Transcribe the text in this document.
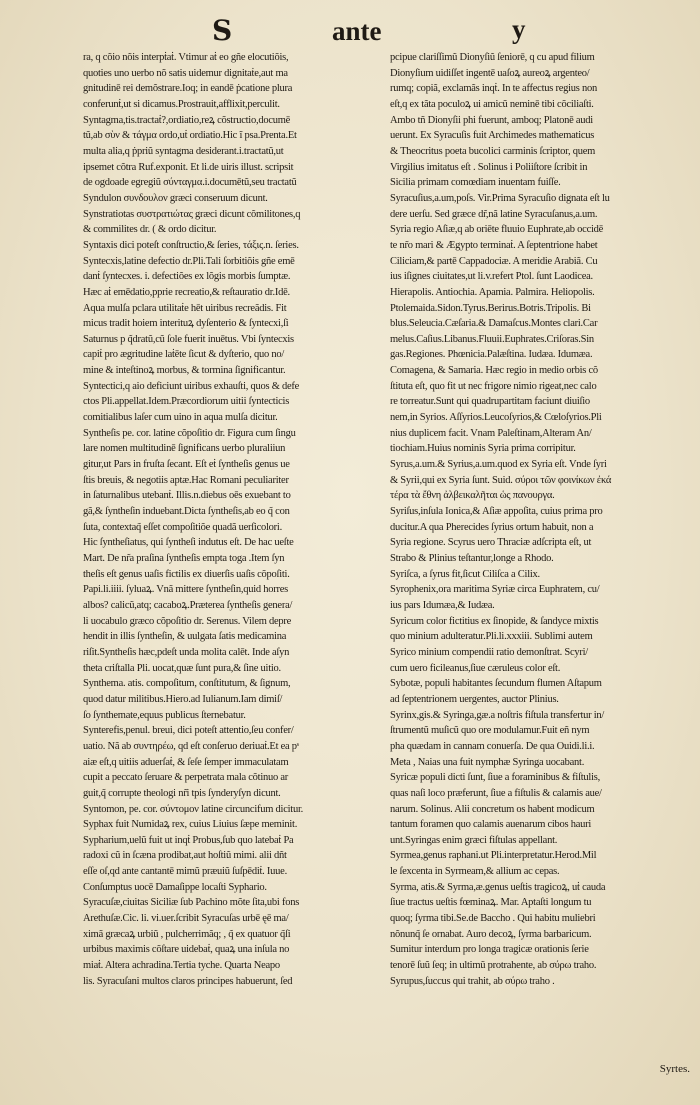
S	ante	y
ra, q cõio nõis interpṫaṫ. Vtimur aṫ eo gñe elocutiõis,
quoties uno uerbo nõ satis uidemur dignitaṫe,aut ma
gnitudinē rei demõstrare.Ioq; in eandē ṗcatione plura
conferunṫ,ut si dicamus.Prostrauit,afflixit,perculit.
Syntagma,tis.tractaṫ?,ordiatio,reꝝ cõstructio,documē
tũ,ab σὺν & τάγμα ordo,uṫ ordiatio.Hic ĩ psa.Prenta.Et
multa alia,q ṗpriũ syntagma desiderant.i.tractatũ,ut
ipsemet cõtra Ruf.exponit. Et li.de uiris illust. scripsit
de ogdoade egregiũ σύνταγμα.i.documētũ,seu tractatũ
Syndulon συνδουλον græci conseruum dicunt.
Synstratiotas συστρατιώτας græci dicunt cõmilitones,q
& commilites dr. ( & ordo dicitur.
Syntaxis dici poteſt conſtructio,& ſeries, τάξις.n. ſeries.
Syntecxis,latine defectio dr.Pli.Tali ſorbitiõis gñe emē
danṫ ſyntecxes. i. defectiões ex lõgis morbis ſumptæ.
Hæc aṫ emēdatio,pprie recreatio,& reſtauratio dr.Idē.
Aqua mulſa pclara utilitaṫe hēt uiribus recreãdis. Fit
micus tradit hoiem interituꝝ dyſenterio & ſyntecxi,ſi
Saturnus p q̃dratũ,cũ ſole fuerit inuētus. Vbi ſyntecxis
capiṫ pro ægritudine laṫēte ſicut & dyſterio, quo no/
mine & inteſtinoꝝ morbus, & tormina ſignificantur.
Syntectici,q aio deficiunt uiribus exhauſti, quos & defe
ctos Pli.appellat.Idem.Præcordiorum uitii ſyntecticis
comitialibus laſer cum uino in aqua mulſa dicitur.
Syntheſis pe. cor. latine cõpoſitio dr. Figura cum ſingu
lare nomen multitudinē ſignificans uerbo pluraliiun
gitur,ut Pars in fruſta ſecant. Eſt eṫ ſyntheſis genus ue
ſtis breuis, & negotiis aptæ.Hac Romani peculiariter
in ſaturnalibus utebanṫ. Illis.n.diebus oēs exuebant to
gã,& ſyntheſin induebant.Dicta ſyntheſis,ab eo q̃ con
ſuta, contextaq̃ eſſet compoſitiõe quadã uerſicolori.
Hic ſyntheſiatus, qui ſyntheſi indutus eſt. De hac ueſte
Mart. De nr̃a praſina ſyntheſis empta toga .Item ſyn
theſis eſt genus uaſis fictilis ex diuerſis uaſis cõpoſiti.
Papi.li.iiii. ſyluaꝝ. Vnã mittere ſyntheſin,quid horres
albos? calicũ,atq; cacaboꝝ.Præterea ſyntheſis genera/
li uocabulo græco cõpoſitio dr. Serenus. Vilem depre
hendit in illis ſyntheſin, & uulgata ſatis medicamina
riſit.Syntheſis hæc,pdeſt unda molita calēt. Inde aſyn
theta criſtalla Pli. uocat,quæ ſunt pura,& ſine uitio.
Synthema. atis. compoſitum, conſtitutum, & ſignum,
quod datur militibus.Hiero.ad Iulianum.Iam dimiſ/
ſo ſynthemate,equus publicus ſternebatur.
Synterefis,penul. breui, dici poteſt attentio,ſeu confer/
uatio. Nã ab συντηρέω, qd eſt conſeruo deriuaṫ.Et ea pˢ
aiæ eſt,q uitiis aduerſaṫ, & ſeſe ſemper immaculatam
cupit a peccato ſeruare & perpetrata mala cõtinuo ar
guit,q̃ corrupte theologi nr̃i tpis ſynderyſyn dicunt.
Syntomon, pe. cor. σύντομον latine circuncifum dicitur.
Syphax fuit Numidaꝝ rex, cuius Liuius ſæpe meminit.
Sypharium,uelũ fuit ut inqṫ Probus,ſub quo latebaṫ Pa
radoxi cũ in ſcæna prodibat,aut hoſtiũ mimi. alii dñt
eſſe oſ,qd ante cantantē mimũ præuiũ ſuſpēdiṫ. Iuue.
Conſumptus uocē Damaſippe locaſti Syphario.
Syracuſæ,ciuitas Siciliæ ſub Pachino mõte ſita,ubi fons
Arethuſæ.Cic. li. vi.uer.ſcribit Syracuſas urbē ęē ma/
ximã græcaꝝ urbiũ , pulcherrimãq; , q̃ ex quatuor q̃ſi
urbibus maximis cõſtare uidebaṫ, quaꝝ una inſula no
miaṫ. Altera achradina.Tertia tyche. Quarta Neapo
lis. Syracuſani multos claros principes habuerunt, ſed
pcipue clariſſimũ Dionyſiũ ſeniorē, q cu apud filium
Dionyſium uidiſſet ingentē uaſoꝝ aureoꝝ argenteo/
rumq; copiã, exclamãs inqṫ. In te affectus regius non
eſt,q ex tãta poculoꝝ ui amicũ neminē tibi cõciliaſti.
Ambo tñ Dionyſii phi fuerunt, amboq; Platonē audi
uerunt. Ex Syracuſis fuit Archimedes mathematicus
& Theocritus poeta bucolici carminis ſcriptor, quem
Virgilius imitatus eſt . Solinus i Poliiſtore ſcribit in
Sicilia primam comœdiam inuentam fuiſſe.
Syracuſius,a.um,poſs. Vir.Prima Syracuſio dignata eſt lu
dere uerſu. Sed græce dr̃,nã latine Syracuſanus,a.um.
Syria regio Aſiæ,q ab oriēte fluuio Euphrate,ab occidē
te nr̃o mari & Ægypto terminaṫ. A ſeptentrione habet
Ciliciam,& partē Cappadociæ. A meridie Arabiã. Cu
ius iſignes ciuitates,ut li.v.refert Ptol. ſunt Laodicea.
Hierapolis. Antiochia. Apamia. Palmira. Heliopolis.
Ptolemaida.Sidon.Tyrus.Berirus.Botris.Tripolis. Bi
blus.Seleucia.Cæſaria.& Damaſcus.Montes clari.Car
melus.Caſius.Libanus.Fluuii.Euphrates.Criſoras.Sin
gas.Regiones. Phœnicia.Palæſtina. Iudæa. Idumæa.
Comagena, & Samaria. Hæc regio in medio orbis cõ
ſtituta eſt, quo fit ut nec frigore nimio rigeat,nec calo
re torreatur.Sunt qui quadrupartitam faciunt diuiſio
nem,in Syrios. Aſſyrios.Leucoſyrios,& Cœloſyrios.Pli
nius duplicem facit. Vnam Paleſtinam,Alteram An/
tiochiam.Huius nominis Syria prima corripitur.
Syrus,a.um.& Syrius,a.um.quod ex Syria eſt. Vnde ſyri
& Syrii,qui ex Syria ſunt. Suid. σύροι τῶν φοινίκων ἐκά
τέρα τὰ ἔθνη ἀλβεικαλῆται ὡς πανουργα.
Syriſus,inſula Ionica,& Aſiæ appoſita, cuius prima pro
ducitur.A qua Pherecides ſyrius ortum habuit, non a
Syria regione. Scyrus uero Thraciæ adſcripta eſt, ut
Strabo & Plinius teſtantur,longe a Rhodo.
Syriſca, a ſyrus fit,ſicut Ciliſca a Cilix.
Syrophenix,ora maritima Syriæ circa Euphratem, cu/
ius pars Idumæa,& Iudæa.
Syricum color fictitius ex ſinopide, & ſandyce mixtis
quo minium adulteratur.Pli.li.xxxiii. Sublimi autem
Syrico minium compendii ratio demonſtrat. Scyri/
cum uero ficileanus,ſiue cæruleus color eſt.
Sybotæ, populi habitantes ſecundum flumen Aſtapum
ad ſeptentrionem uergentes, auctor Plinius.
Syrinx,gis.& Syringa,gæ.a noſtris fiſtula transfertur in/
ſtrumentũ muſicũ quo ore modulamur.Fuit eñ nym
pha quædam in cannam conuerſa. De qua Ouidi.li.i.
Meta , Naias una fuit nymphæ Syringa uocabant.
Syricæ populi dicti ſunt, ſiue a foraminibus & fiſtulis,
quas naſi loco præferunt, ſiue a fiſtulis & calamis aue/
narum. Solinus. Alii concretum os habent modicum
tantum foramen quo calamis auenarum cibos hauri
unt.Syringas enim græci fiſtulas appellant.
Syrmea,genus raphani.ut Pli.interpretatur.Herod.Mil
le ſexcenta in Syrmeam,& allium ac cepas.
Syrma, atis.& Syrma,æ.genus ueſtis tragicoꝝ, uṫ cauda
ſiue tractus ueſtis fœminaꝝ. Mar. Aptaſti longum tu
quoq; ſyrma tibi.Se.de Baccho . Qui habitu muliebri
nõnunq̃ ſe ornabat. Auro decoꝝ, ſyrma barbaricum.
Sumitur interdum pro longa tragicæ orationis ſerie
tenorē ſuũ ſeq; in ultimũ protrahente, ab σύρω traho.
Syrupus,ſuccus qui trahit, ab σύρω traho .
Syrtes.
